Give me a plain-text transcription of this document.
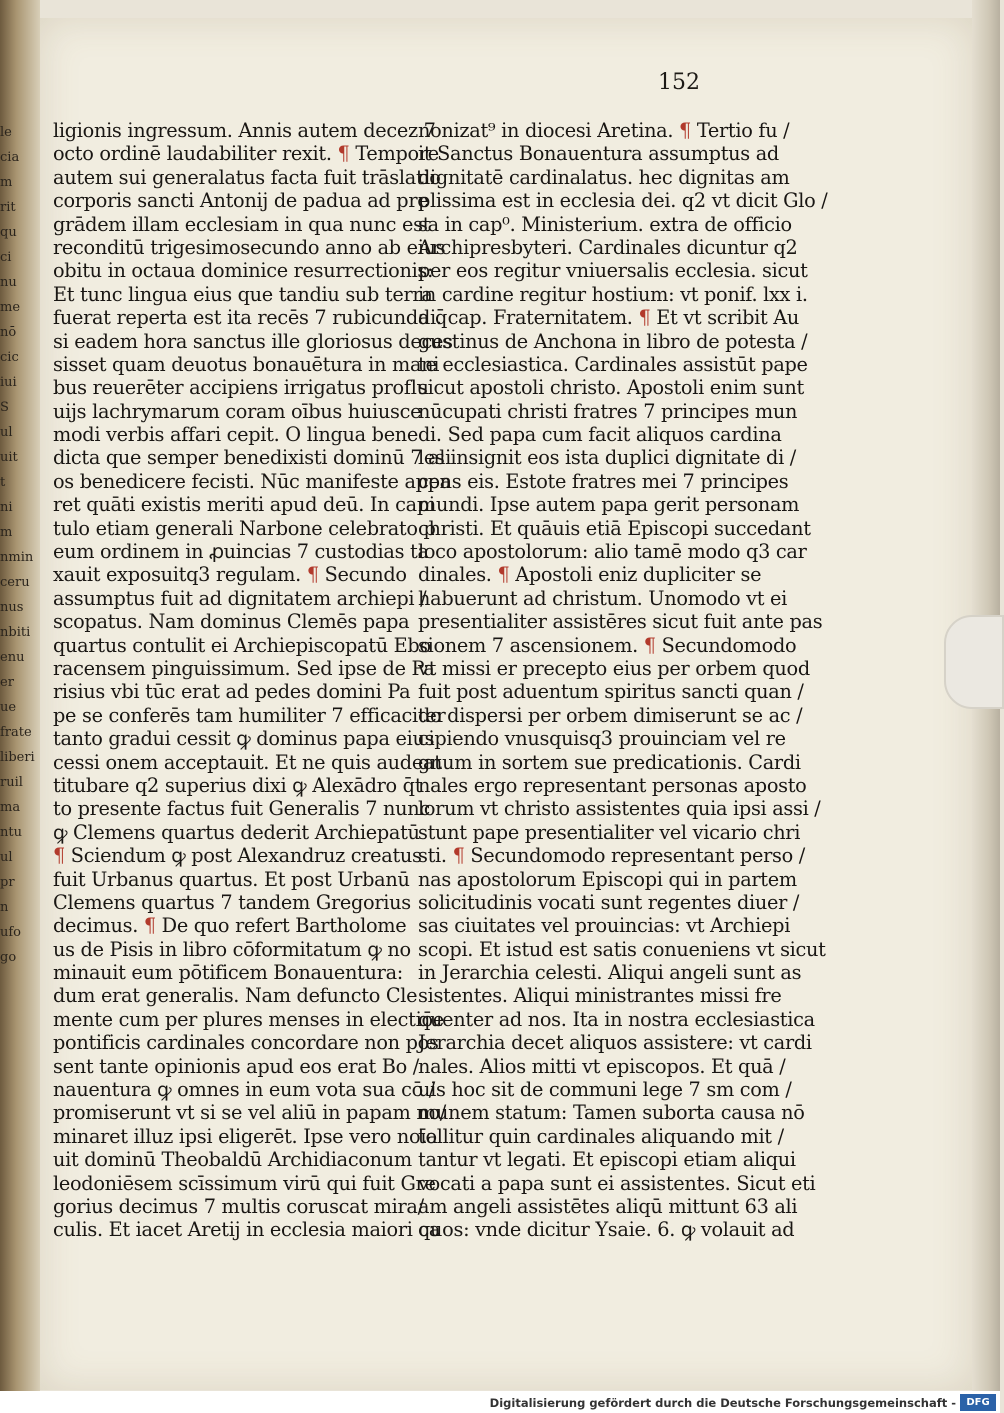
le
cia
m
rit
qu
ci
nu
me
nō
cic
iui
S
ul
uit
t
ni
m
nmin
ceru
nus
nbiti
enu
er
ue
frate
liberi
ruil
ma
ntu
ul
pr
n
ufo
go
152
ligionis ingressum. Annis autem decez 7
octo ordinē laudabiliter rexit. ¶ Tempore
autem sui generalatus facta fuit trāslatio
corporis sancti Antonij de padua ad pre
grādem illam ecclesiam in qua nunc est
reconditū trigesimosecundo anno ab eius
obitu in octaua dominice resurrectionis:
Et tunc lingua eius que tandiu sub terra
fuerat reperta est ita recēs 7 rubicunda q̄
si eadem hora sanctus ille gloriosus deces
sisset quam deuotus bonauētura in mani
bus reuerēter accipiens irrigatus proflu
uijs lachrymarum coram oībus huiusce
modi verbis affari cepit. O lingua bene
dicta que semper benedixisti dominū 7 ali
os benedicere fecisti. Nūc manifeste appa
ret quāti existis meriti apud deū. In capi
tulo etiam generali Narbone celebrato p
eum ordinem in ꝓuincias 7 custodias ta
xauit exposuitq3 regulam. ¶ Secundo
assumptus fuit ad dignitatem archiepi /
scopatus. Nam dominus Clemēs papa
quartus contulit ei Archiepiscopatū Ebo
racensem pinguissimum. Sed ipse de Pa
risius vbi tūc erat ad pedes domini Pa
pe se conferēs tam humiliter 7 efficaciter
tanto gradui cessit ꝙ dominus papa eius
cessi onem acceptauit. Et ne quis audeat
titubare q2 superius dixi ꝙ Alexādro q̄t
to presente factus fuit Generalis 7 nunc
ꝙ Clemens quartus dederit Archiepatū
¶ Sciendum ꝙ post Alexandruz creatus
fuit Urbanus quartus. Et post Urbanū
Clemens quartus 7 tandem Gregorius
decimus. ¶ De quo refert Bartholome
us de Pisis in libro cōformitatum ꝙ no
minauit eum pōtificem Bonauentura:
dum erat generalis. Nam defuncto Cle
mente cum per plures menses in electiōe
pontificis cardinales concordare non pos
sent tante opinionis apud eos erat Bo /
nauentura ꝙ omnes in eum vota sua cō /
promiserunt vt si se vel aliū in papam no/
minaret illuz ipsi eligerēt. Ipse vero noīa
uit dominū Theobaldū Archidiaconum
leodoniēsem scīssimum virū qui fuit Gre
gorius decimus 7 multis coruscat mira/
culis. Et iacet Aretij in ecclesia maiori ca
nonizat⁹ in diocesi Aretina. ¶ Tertio fu /
it Sanctus Bonauentura assumptus ad
dignitatē cardinalatus. hec dignitas am
plissima est in ecclesia dei. q2 vt dicit Glo /
sa in cap⁰. Ministerium. extra de officio
Archipresbyteri. Cardinales dicuntur q2
per eos regitur vniuersalis ecclesia. sicut
in cardine regitur hostium: vt ponif. lxx i.
di. cap. Fraternitatem. ¶ Et vt scribit Au
gustinus de Anchona in libro de potesta /
te ecclesiastica. Cardinales assistūt pape
sicut apostoli christo. Apostoli enim sunt
nūcupati christi fratres 7 principes mun
di. Sed papa cum facit aliquos cardina
les insignit eos ista duplici dignitate di /
cens eis. Estote fratres mei 7 principes
mundi. Ipse autem papa gerit personam
christi. Et quāuis etiā Episcopi succedant
loco apostolorum: alio tamē modo q3 car
dinales. ¶ Apostoli eniz dupliciter se
habuerunt ad christum. Unomodo vt ei
presentialiter assistēres sicut fuit ante pas
sionem 7 ascensionem. ¶ Secundomodo
vt missi er precepto eius per orbem quod
fuit post aduentum spiritus sancti quan /
do dispersi per orbem dimiserunt se ac /
cipiendo vnusquisq3 prouinciam vel re
gnum in sortem sue predicationis. Cardi
nales ergo representant personas aposto
lorum vt christo assistentes quia ipsi assi /
stunt pape presentialiter vel vicario chri
sti. ¶ Secundomodo representant perso /
nas apostolorum Episcopi qui in partem
solicitudinis vocati sunt regentes diuer /
sas ciuitates vel prouincias: vt Archiepi
scopi. Et istud est satis conueniens vt sicut
in Jerarchia celesti. Aliqui angeli sunt as
sistentes. Aliqui ministrantes missi fre
quenter ad nos. Ita in nostra ecclesiastica
Jerarchia decet aliquos assistere: vt cardi
nales. Alios mitti vt episcopos. Et quā /
uis hoc sit de communi lege 7 sm com /
munem statum: Tamen suborta causa nō
tollitur quin cardinales aliquando mit /
tantur vt legati. Et episcopi etiam aliqui
vocati a papa sunt ei assistentes. Sicut eti
am angeli assistētes aliqū mittunt 63 ali
quos: vnde dicitur Ysaie. 6. ꝙ volauit ad
Digitalisierung gefördert durch die Deutsche Forschungsgemeinschaft -	DFG
